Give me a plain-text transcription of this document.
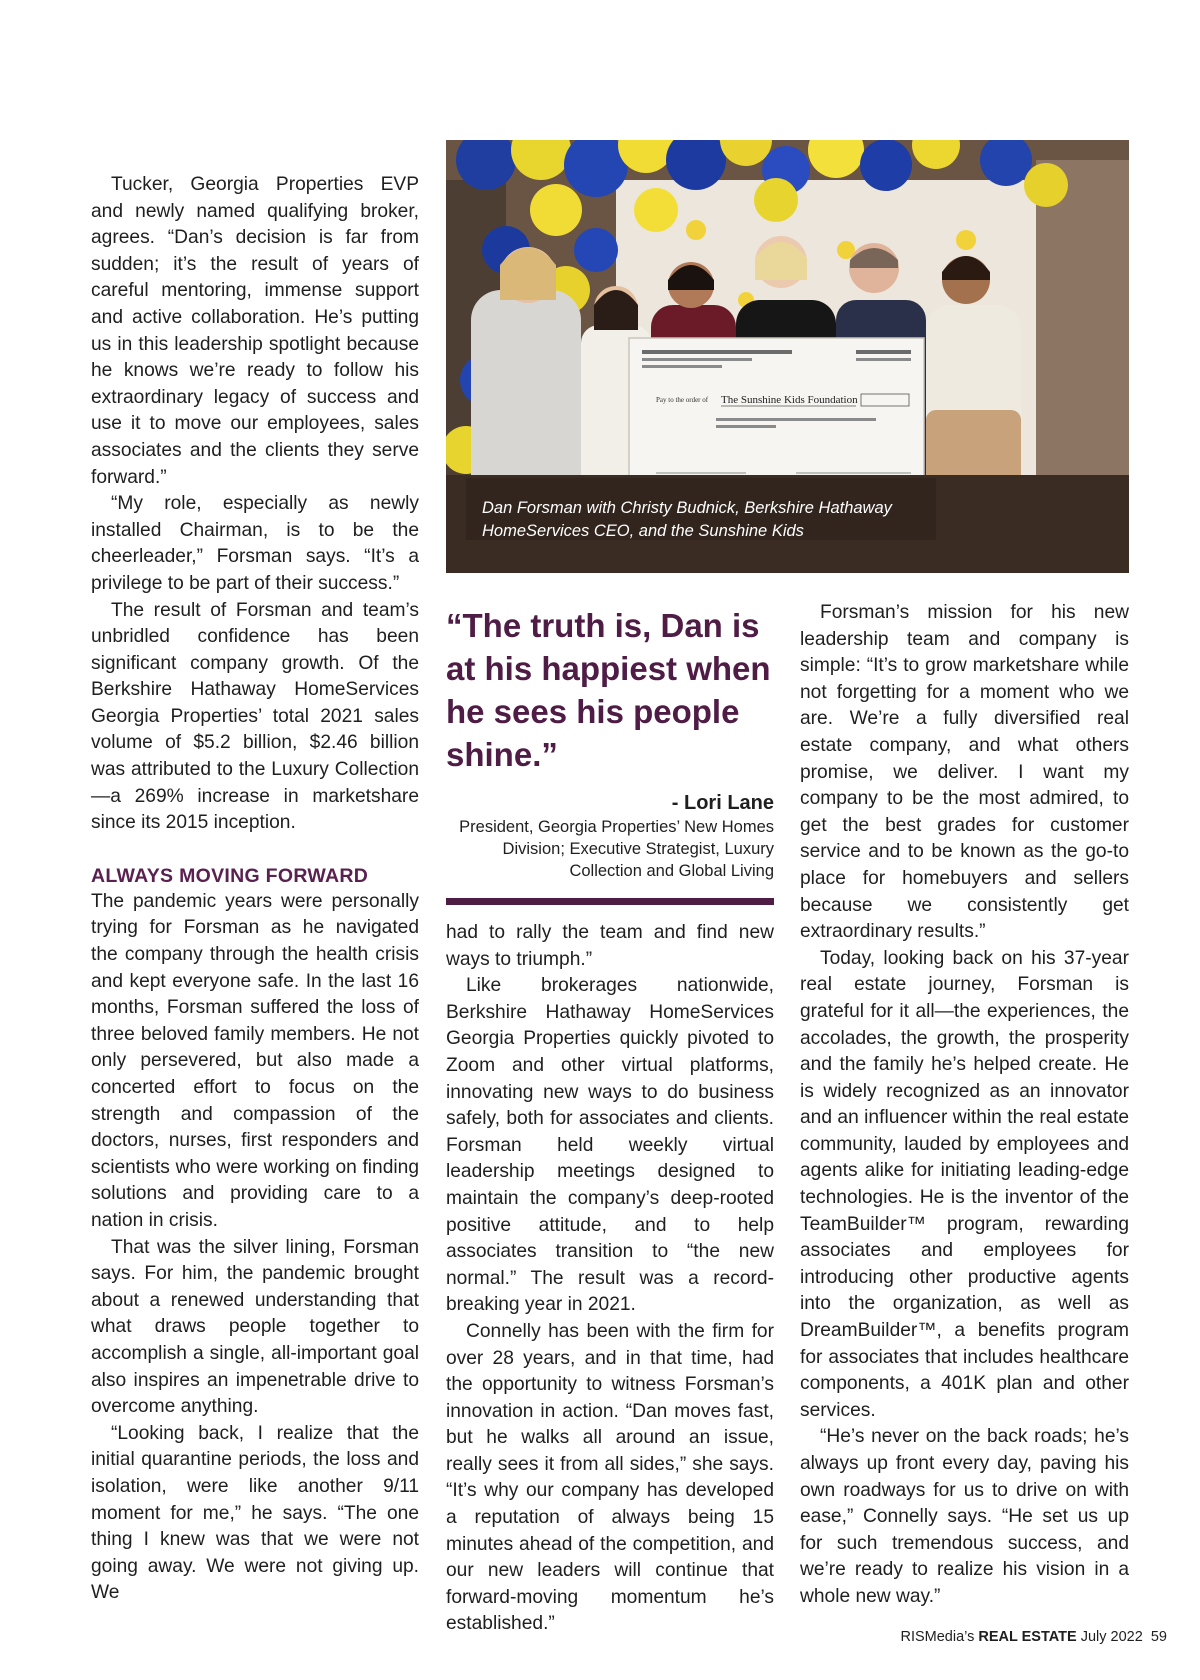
Tucker, Georgia Properties EVP and newly named qualifying broker, agrees. “Dan’s decision is far from sudden; it’s the result of years of careful mentoring, immense support and active collaboration. He’s putting us in this leadership spotlight because he knows we’re ready to follow his extraordinary legacy of success and use it to move our employees, sales associates and the clients they serve forward.”

“My role, especially as newly installed Chairman, is to be the cheerleader,” Forsman says. “It’s a privilege to be part of their success.”

The result of Forsman and team’s unbridled confidence has been significant company growth. Of the Berkshire Hathaway HomeServices Georgia Properties’ total 2021 sales volume of $5.2 billion, $2.46 billion was attributed to the Luxury Collection—a 269% increase in marketshare since its 2015 inception.

ALWAYS MOVING FORWARD

The pandemic years were personally trying for Forsman as he navigated the company through the health crisis and kept everyone safe. In the last 16 months, Forsman suffered the loss of three beloved family members. He not only persevered, but also made a concerted effort to focus on the strength and compassion of the doctors, nurses, first responders and scientists who were working on finding solutions and providing care to a nation in crisis.

That was the silver lining, Forsman says. For him, the pandemic brought about a renewed understanding that what draws people together to accomplish a single, all-important goal also inspires an impenetrable drive to overcome anything.

“Looking back, I realize that the initial quarantine periods, the loss and isolation, were like another 9/11 moment for me,” he says. “The one thing I knew was that we were not going away. We were not giving up. We

Pay to the order of The Sunshine Kids Foundation
Dan Forsman with Christy Budnick, Berkshire Hathaway HomeServices CEO, and the Sunshine Kids
“The truth is, Dan is at his happiest when he sees his people shine.”
- Lori Lane
President, Georgia Properties’ New Homes Division; Executive Strategist, Luxury Collection and Global Living

had to rally the team and find new ways to triumph.”

Like brokerages nationwide, Berkshire Hathaway HomeServices Georgia Properties quickly pivoted to Zoom and other virtual platforms, innovating new ways to do business safely, both for associates and clients. Forsman held weekly virtual leadership meetings designed to maintain the company’s deep-rooted positive attitude, and to help associates transition to “the new normal.” The result was a record-breaking year in 2021.

Connelly has been with the firm for over 28 years, and in that time, had the opportunity to witness Forsman’s innovation in action. “Dan moves fast, but he walks all around an issue, really sees it from all sides,” she says. “It’s why our company has developed a reputation of always being 15 minutes ahead of the competition, and our new leaders will continue that forward-moving momentum he’s established.”

Forsman’s mission for his new leadership team and company is simple: “It’s to grow marketshare while not forgetting for a moment who we are. We’re a fully diversified real estate company, and what others promise, we deliver. I want my company to be the most admired, to get the best grades for customer service and to be known as the go-to place for homebuyers and sellers because we consistently get extraordinary results.”

Today, looking back on his 37-year real estate journey, Forsman is grateful for it all—the experiences, the accolades, the growth, the prosperity and the family he’s helped create. He is widely recognized as an innovator and an influencer within the real estate community, lauded by employees and agents alike for initiating leading-edge technologies. He is the inventor of the TeamBuilder™ program, rewarding associates and employees for introducing other productive agents into the organization, as well as DreamBuilder™, a benefits program for associates that includes healthcare components, a 401K plan and other services.

“He’s never on the back roads; he’s always up front every day, paving his own roadways for us to drive on with ease,” Connelly says. “He set us up for such tremendous success, and we’re ready to realize his vision in a whole new way.”

RISMedia’s REAL ESTATE July 2022 59
